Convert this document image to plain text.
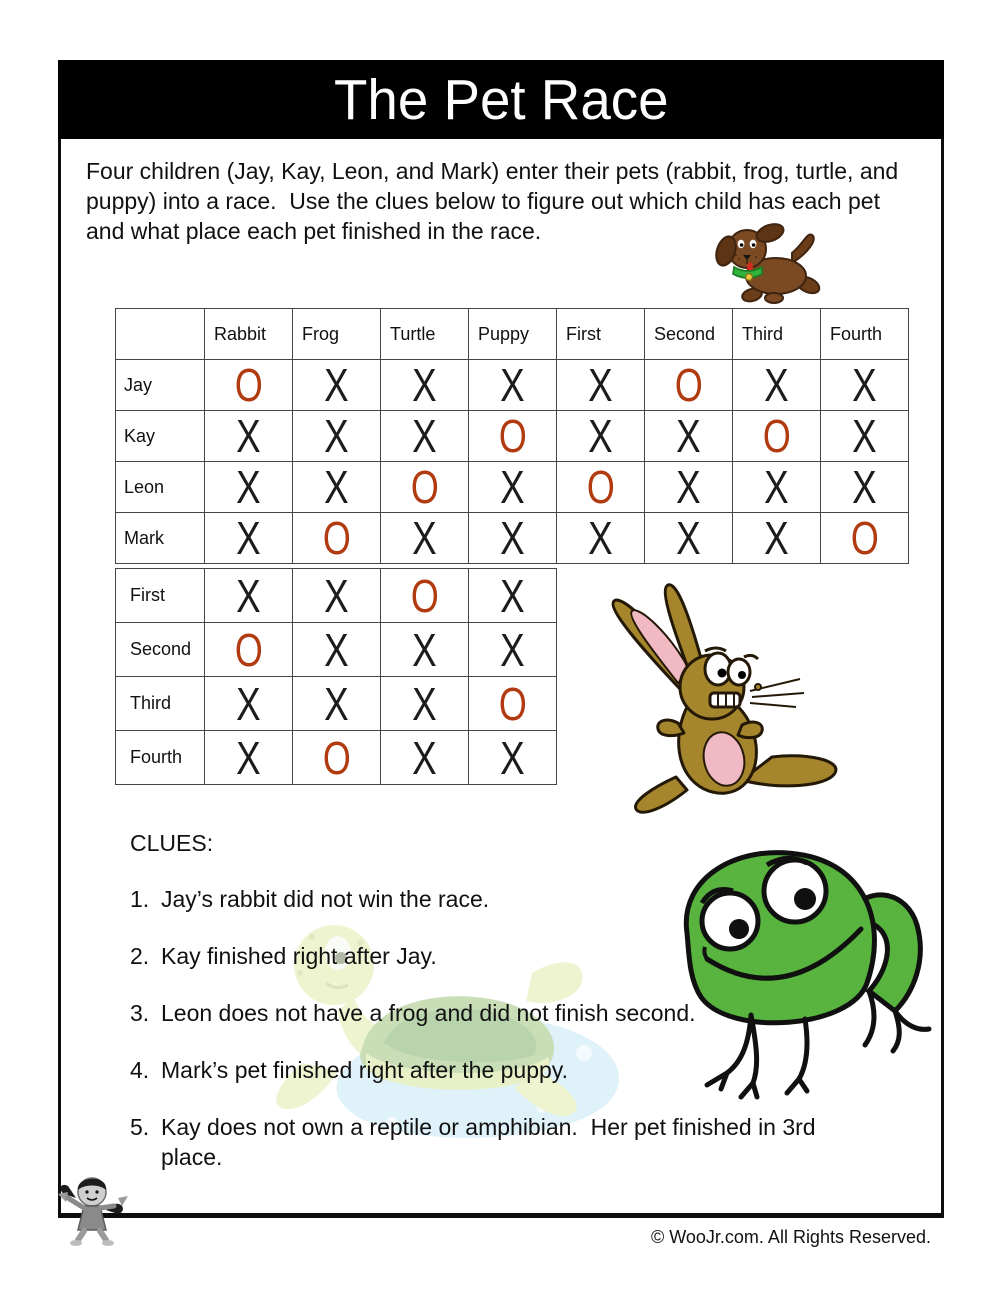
The Pet Race
Four children (Jay, Kay, Leon, and Mark) enter their pets (rabbit, frog, turtle, and puppy) into a race.  Use the clues below to figure out which child has each pet and what place each pet finished in the race.
	Rabbit	Frog	Turtle	Puppy	First	Second	Third	Fourth
Jay	O	X	X	X	X	O	X	X
Kay	X	X	X	O	X	X	O	X
Leon	X	X	O	X	O	X	X	X
Mark	X	O	X	X	X	X	X	O
First	X	X	O	X
Second	O	X	X	X
Third	X	X	X	O
Fourth	X	O	X	X
CLUES:
1. Jay’s rabbit did not win the race.
2. Kay finished right after Jay.
3. Leon does not have a frog and did not finish second.
4. Mark’s pet finished right after the puppy.
5. Kay does not own a reptile or amphibian.  Her pet finished in 3rd place.
© WooJr.com. All Rights Reserved.
